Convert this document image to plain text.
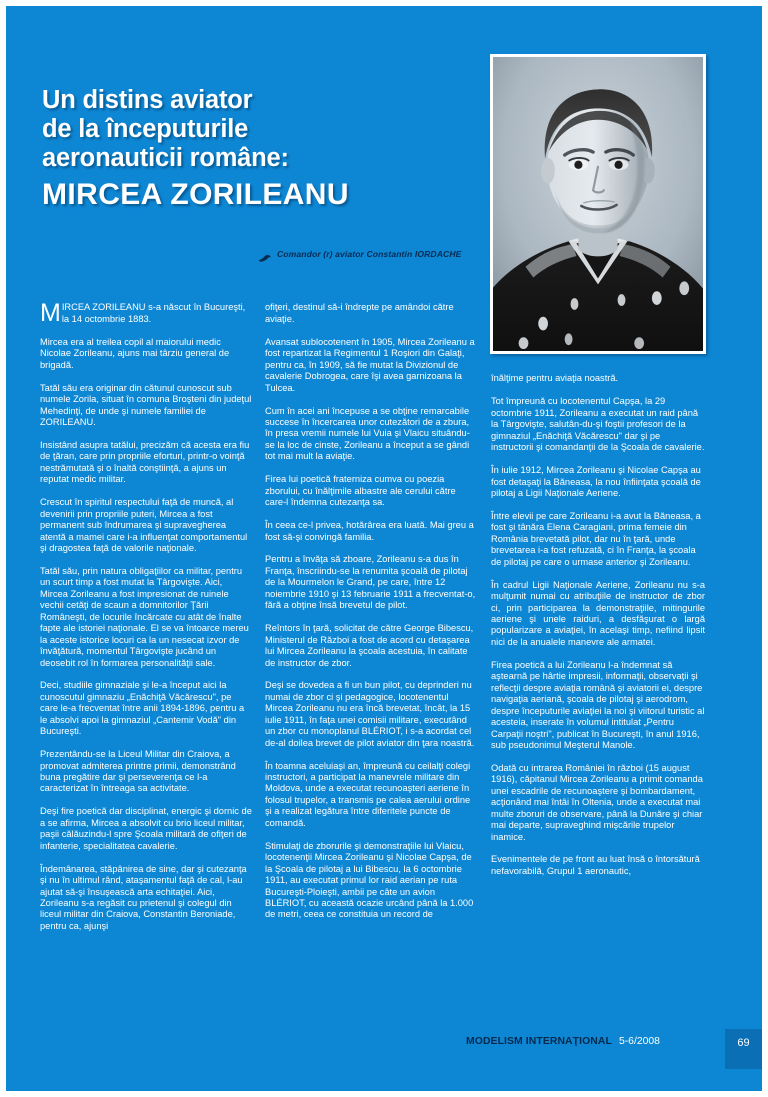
Un distins aviator
de la începuturile
aeronauticii române:
MIRCEA ZORILEANU
Comandor (r) aviator Constantin IORDACHE

MIRCEA ZORILEANU s-a născut în Bucureşti, la 14 octombrie 1883.

Mircea era al treilea copil al maiorului medic Nicolae Zorileanu, ajuns mai târziu general de brigadă.

Tatăl său era originar din cătunul cunoscut sub numele Zorila, situat în comuna Broşteni din judeţul Mehedinţi, de unde şi numele familiei de ZORILEANU.

Insistând asupra tatălui, precizăm că acesta era fiu de ţăran, care prin propriile eforturi, printr-o voinţă nestrămutată şi o înaltă conştiinţă, a ajuns un reputat medic militar.

Crescut în spiritul respectului faţă de muncă, al devenirii prin propriile puteri, Mircea a fost permanent sub îndrumarea şi supravegherea atentă a mamei care i-a influenţat comportamentul şi dragostea faţă de valorile naţionale.

Tatăl său, prin natura obligaţiilor ca militar, pentru un scurt timp a fost mutat la Târgovişte. Aici, Mircea Zorileanu a fost impresionat de ruinele vechii cetăţi de scaun a domnitorilor Ţării Româneşti, de locurile încărcate cu atât de înalte fapte ale istoriei naţionale. El se va întoarce mereu la aceste istorice locuri ca la un nesecat izvor de învăţătură, momentul Târgovişte jucând un deosebit rol în formarea personalităţii sale.

Deci, studiile gimnaziale şi le-a început aici la cunoscutul gimnaziu „Enăchiţă Văcărescu", pe care le-a frecventat între anii 1894-1896, pentru a le absolvi apoi la gimnaziul „Cantemir Vodă" din Bucureşti.

Prezentându-se la Liceul Militar din Craiova, a promovat admiterea printre primii, demonstrând buna pregătire dar şi perseverenţa ce l-a caracterizat în întreaga sa activitate.

Deşi fire poetică dar disciplinat, energic şi dornic de a se afirma, Mircea a absolvit cu brio liceul militar, paşii călăuzindu-l spre Şcoala militară de ofiţeri de infanterie, specialitatea cavalerie.

Îndemânarea, stăpânirea de sine, dar şi cutezanţa şi nu în ultimul rând, ataşamentul faţă de cal, l-au ajutat să-şi însuşească arta echitaţiei. Aici, Zorileanu s-a regăsit cu prietenul şi colegul din liceul militar din Craiova, Constantin Beroniade, pentru ca, ajunşi

ofiţeri, destinul să-i îndrepte pe amândoi către aviaţie.

Avansat sublocotenent în 1905, Mircea Zorileanu a fost repartizat la Regimentul 1 Roşiori din Galaţi, pentru ca, în 1909, să fie mutat la Divizionul de cavalerie Dobrogea, care îşi avea garnizoana la Tulcea.

Cum în acei ani începuse a se obţine remarcabile succese în încercarea unor cutezători de a zbura, în presa vremii numele lui Vuia şi Vlaicu situându-se la loc de cinste, Zorileanu a început a se gândi tot mai mult la aviaţie.

Firea lui poetică fraterniza cumva cu poezia zborului, cu înălţimile albastre ale cerului către care-l îndemna cutezanţa sa.

În ceea ce-l privea, hotărârea era luată. Mai greu a fost să-şi convingă familia.

Pentru a învăţa să zboare, Zorileanu s-a dus în Franţa, înscriindu-se la renumita şcoală de pilotaj de la Mourmelon le Grand, pe care, între 12 noiembrie 1910 şi 13 februarie 1911 a frecventat-o, fără a obţine însă brevetul de pilot.

Reîntors în ţară, solicitat de către George Bibescu, Ministerul de Război a fost de acord cu detaşarea lui Mircea Zorileanu la şcoala acestuia, în calitate de instructor de zbor.

Deşi se dovedea a fi un bun pilot, cu deprinderi nu numai de zbor ci şi pedagogice, locotenentul Mircea Zorileanu nu era încă brevetat, încât, la 15 iulie 1911, în faţa unei comisii militare, executând un zbor cu monoplanul BLÉRIOT, i s-a acordat cel de-al doilea brevet de pilot aviator din ţara noastră.

În toamna aceluiaşi an, împreună cu ceilalţi colegi instructori, a participat la manevrele militare din Moldova, unde a executat recunoaşteri aeriene în folosul trupelor, a transmis pe calea aerului ordine şi a realizat legătura între diferitele puncte de comandă.

Stimulaţi de zborurile şi demonstraţiile lui Vlaicu, locotenenţii Mircea Zorileanu şi Nicolae Capşa, de la Şcoala de pilotaj a lui Bibescu, la 6 octombrie 1911, au executat primul lor raid aerian pe ruta Bucureşti-Ploieşti, ambii pe câte un avion BLÉRIOT, cu această ocazie urcând până la 1.000 de metri, ceea ce constituia un record de

înălţime pentru aviaţia noastră.

Tot împreună cu locotenentul Capşa, la 29 octombrie 1911, Zorileanu a executat un raid până la Târgovişte, salutân-du-şi foştii profesori de la gimnaziul „Enăchiţă Văcărescu" dar şi pe instructorii şi comandanţii de la Şcoala de cavalerie.

În iulie 1912, Mircea Zorileanu şi Nicolae Capşa au fost detaşaţi la Băneasa, la nou înfiinţata şcoală de pilotaj a Ligii Naţionale Aeriene.

Între elevii pe care Zorileanu i-a avut la Băneasa, a fost şi tânăra Elena Caragiani, prima femeie din România brevetată pilot, dar nu în ţară, unde brevetarea i-a fost refuzată, ci în Franţa, la şcoala de pilotaj pe care o urmase anterior şi Zorileanu.

În cadrul Ligii Naţionale Aeriene, Zorileanu nu s-a mulţumit numai cu atribuţiile de instructor de zbor ci, prin participarea la demonstraţiile, mitingurile aeriene şi unele raiduri, a desfăşurat o largă popularizare a aviaţiei, în acelaşi timp, nefiind lipsit nici de la anualele manevre ale armatei.

Firea poetică a lui Zorileanu l-a îndemnat să aştearnă pe hârtie impresii, informaţii, observaţii şi reflecţii despre aviaţia română şi aviatorii ei, despre navigaţia aeriană, şcoala de pilotaj şi aerodrom, despre începuturile aviaţiei la noi şi viitorul turistic al acesteia, inserate în volumul intitulat „Pentru Carpaţii noştri", publicat în Bucureşti, în anul 1916, sub pseudonimul Meşterul Manole.

Odată cu intrarea României în război (15 august 1916), căpitanul Mircea Zorileanu a primit comanda unei escadrile de recunoaştere şi bombardament, acţionând mai întâi în Oltenia, unde a executat mai multe zboruri de observare, până la Dunăre şi chiar mai departe, supraveghind mişcările trupelor inamice.

Evenimentele de pe front au luat însă o întorsătură nefavorabilă, Grupul 1 aeronautic,

MODELISM INTERNAŢIONAL 5-6/2008	69
